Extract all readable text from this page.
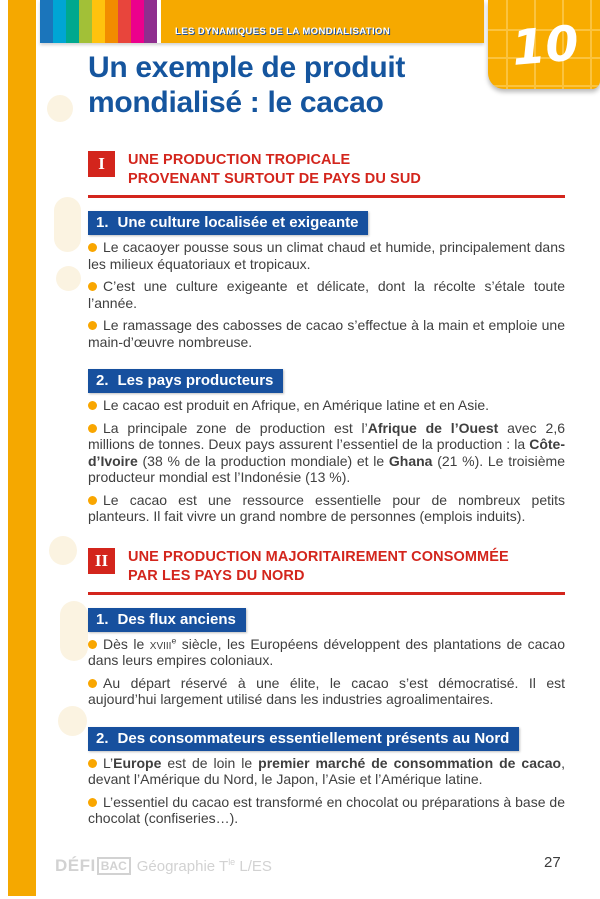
LES DYNAMIQUES DE LA MONDIALISATION	10
Un exemple de produit
mondialisé : le cacao
I UNE PRODUCTION TROPICALE
PROVENANT SURTOUT DE PAYS DU SUD
1. Une culture localisée et exigeante
Le cacaoyer pousse sous un climat chaud et humide, principalement dans les milieux équatoriaux et tropicaux.
C’est une culture exigeante et délicate, dont la récolte s’étale toute l’année.
Le ramassage des cabosses de cacao s’effectue à la main et emploie une main-d’œuvre nombreuse.
2. Les pays producteurs
Le cacao est produit en Afrique, en Amérique latine et en Asie.
La principale zone de production est l’Afrique de l’Ouest avec 2,6 millions de tonnes. Deux pays assurent l’essentiel de la production : la Côte-d’Ivoire (38 % de la production mondiale) et le Ghana (21 %). Le troisième producteur mondial est l’Indonésie (13 %).
Le cacao est une ressource essentielle pour de nombreux petits planteurs. Il fait vivre un grand nombre de personnes (emplois induits).
II UNE PRODUCTION MAJORITAIREMENT CONSOMMÉE
PAR LES PAYS DU NORD
1. Des flux anciens
Dès le xviii$^e$ siècle, les Européens développent des plantations de cacao dans leurs empires coloniaux.
Au départ réservé à une élite, le cacao s’est démocratisé. Il est aujourd’hui largement utilisé dans les industries agroalimentaires.
2. Des consommateurs essentiellement présents au Nord
L’Europe est de loin le premier marché de consommation de cacao, devant l’Amérique du Nord, le Japon, l’Asie et l’Amérique latine.
L’essentiel du cacao est transformé en chocolat ou préparations à base de chocolat (confiseries…).
DÉFI BAC Géographie $T^{le}$ L/ES	27
